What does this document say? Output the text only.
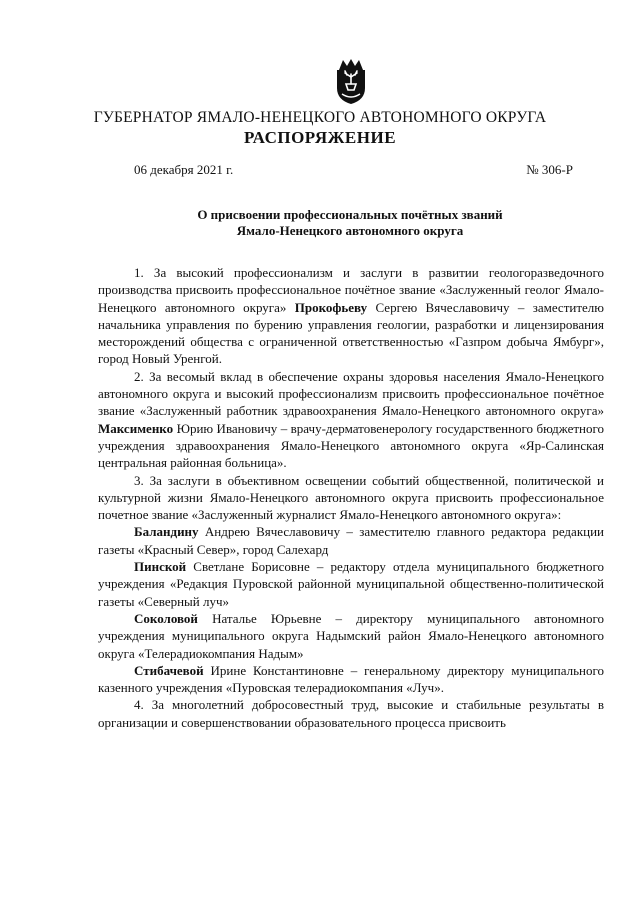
ГУБЕРНАТОР ЯМАЛО-НЕНЕЦКОГО АВТОНОМНОГО ОКРУГА
РАСПОРЯЖЕНИЕ
06 декабря 2021 г.	№ 306-Р
О присвоении профессиональных почётных званий
Ямало-Ненецкого автономного округа

1. За высокий профессионализм и заслуги в развитии геологоразведочного производства присвоить профессиональное почётное звание «Заслуженный геолог Ямало-Ненецкого автономного округа» Прокофьеву Сергею Вячеславовичу – заместителю начальника управления по бурению управления геологии, разработки и лицензирования месторождений общества с ограниченной ответственностью «Газпром добыча Ямбург», город Новый Уренгой.

2. За весомый вклад в обеспечение охраны здоровья населения Ямало-Ненецкого автономного округа и высокий профессионализм присвоить профессиональное почётное звание «Заслуженный работник здравоохранения Ямало-Ненецкого автономного округа» Максименко Юрию Ивановичу – врачу-дерматовенерологу государственного бюджетного учреждения здравоохранения Ямало-Ненецкого автономного округа «Яр-Салинская центральная районная больница».

3. За заслуги в объективном освещении событий общественной, политической и культурной жизни Ямало-Ненецкого автономного округа присвоить профессиональное почетное звание «Заслуженный журналист Ямало-Ненецкого автономного округа»:

Баландину Андрею Вячеславовичу – заместителю главного редактора редакции газеты «Красный Север», город Салехард

Пинской Светлане Борисовне – редактору отдела муниципального бюджетного учреждения «Редакция Пуровской районной муниципальной общественно-политической газеты «Северный луч»

Соколовой Наталье Юрьевне – директору муниципального автономного учреждения муниципального округа Надымский район Ямало-Ненецкого автономного округа «Телерадиокомпания Надым»

Стибачевой Ирине Константиновне – генеральному директору муниципального казенного учреждения «Пуровская телерадиокомпания «Луч».

4. За многолетний добросовестный труд, высокие и стабильные результаты в организации и совершенствовании образовательного процесса присвоить
